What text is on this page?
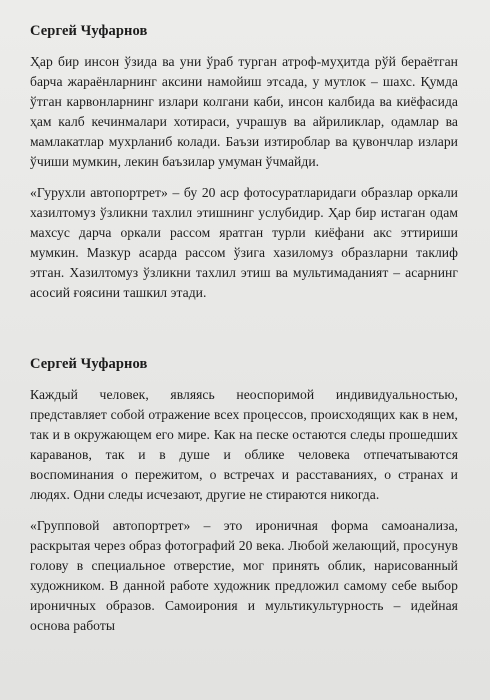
Сергей Чуфарнов

Ҳар бир инсон ўзида ва уни ўраб турган атроф-муҳитда рўй берaётган барча жараёнларнинг аксини намойиш этсада, у мутлок – шахс. Қумда ўтган карвонларнинг излари колгани каби, инсон калбида ва киёфасида ҳам калб кечинмалари хотираси, учрашув ва айриликлар, одамлар ва мамлакатлар мухрланиб колади. Баъзи изтироблар ва қувончлар излари ўчиши мумкин, лекин баъзилар умуман ўчмайди.

«Гурухли автопортрет» – бу 20 аср фотосуратларидаги образлар оркали хазилтомуз ўзликни тахлил этишнинг услубидир. Ҳар бир истаган одам махсус дарча оркали рассом яратган турли киёфани акс эттириши мумкин. Мазкур асарда рассом ўзига хазиломуз образларни таклиф этган. Хазилтомуз ўзликни тахлил этиш ва мультимаданият – асарнинг асосий ғоясини ташкил этади.

Сергей Чуфарнов

Каждый человек, являясь неоспоримой индивидуальностью, представляет собой отражение всех процессов, происходящих как в нем, так и в окружающем его мире. Как на песке остаются следы прошедших караванов, так и в душе и облике человека отпечатываются воспоминания о пережитом, о встречах и расставаниях, о странах и людях. Одни следы исчезают, другие не стираются никогда.

«Групповой автопортрет» – это ироничная форма самоанализа, раскрытая через образ фотографий 20 века. Любой желающий, просунув голову в специальное отверстие, мог принять облик, нарисованный художником. В данной работе художник предложил самому себе выбор ироничных образов. Самоирония и мультикультурность – идейная основа работы
